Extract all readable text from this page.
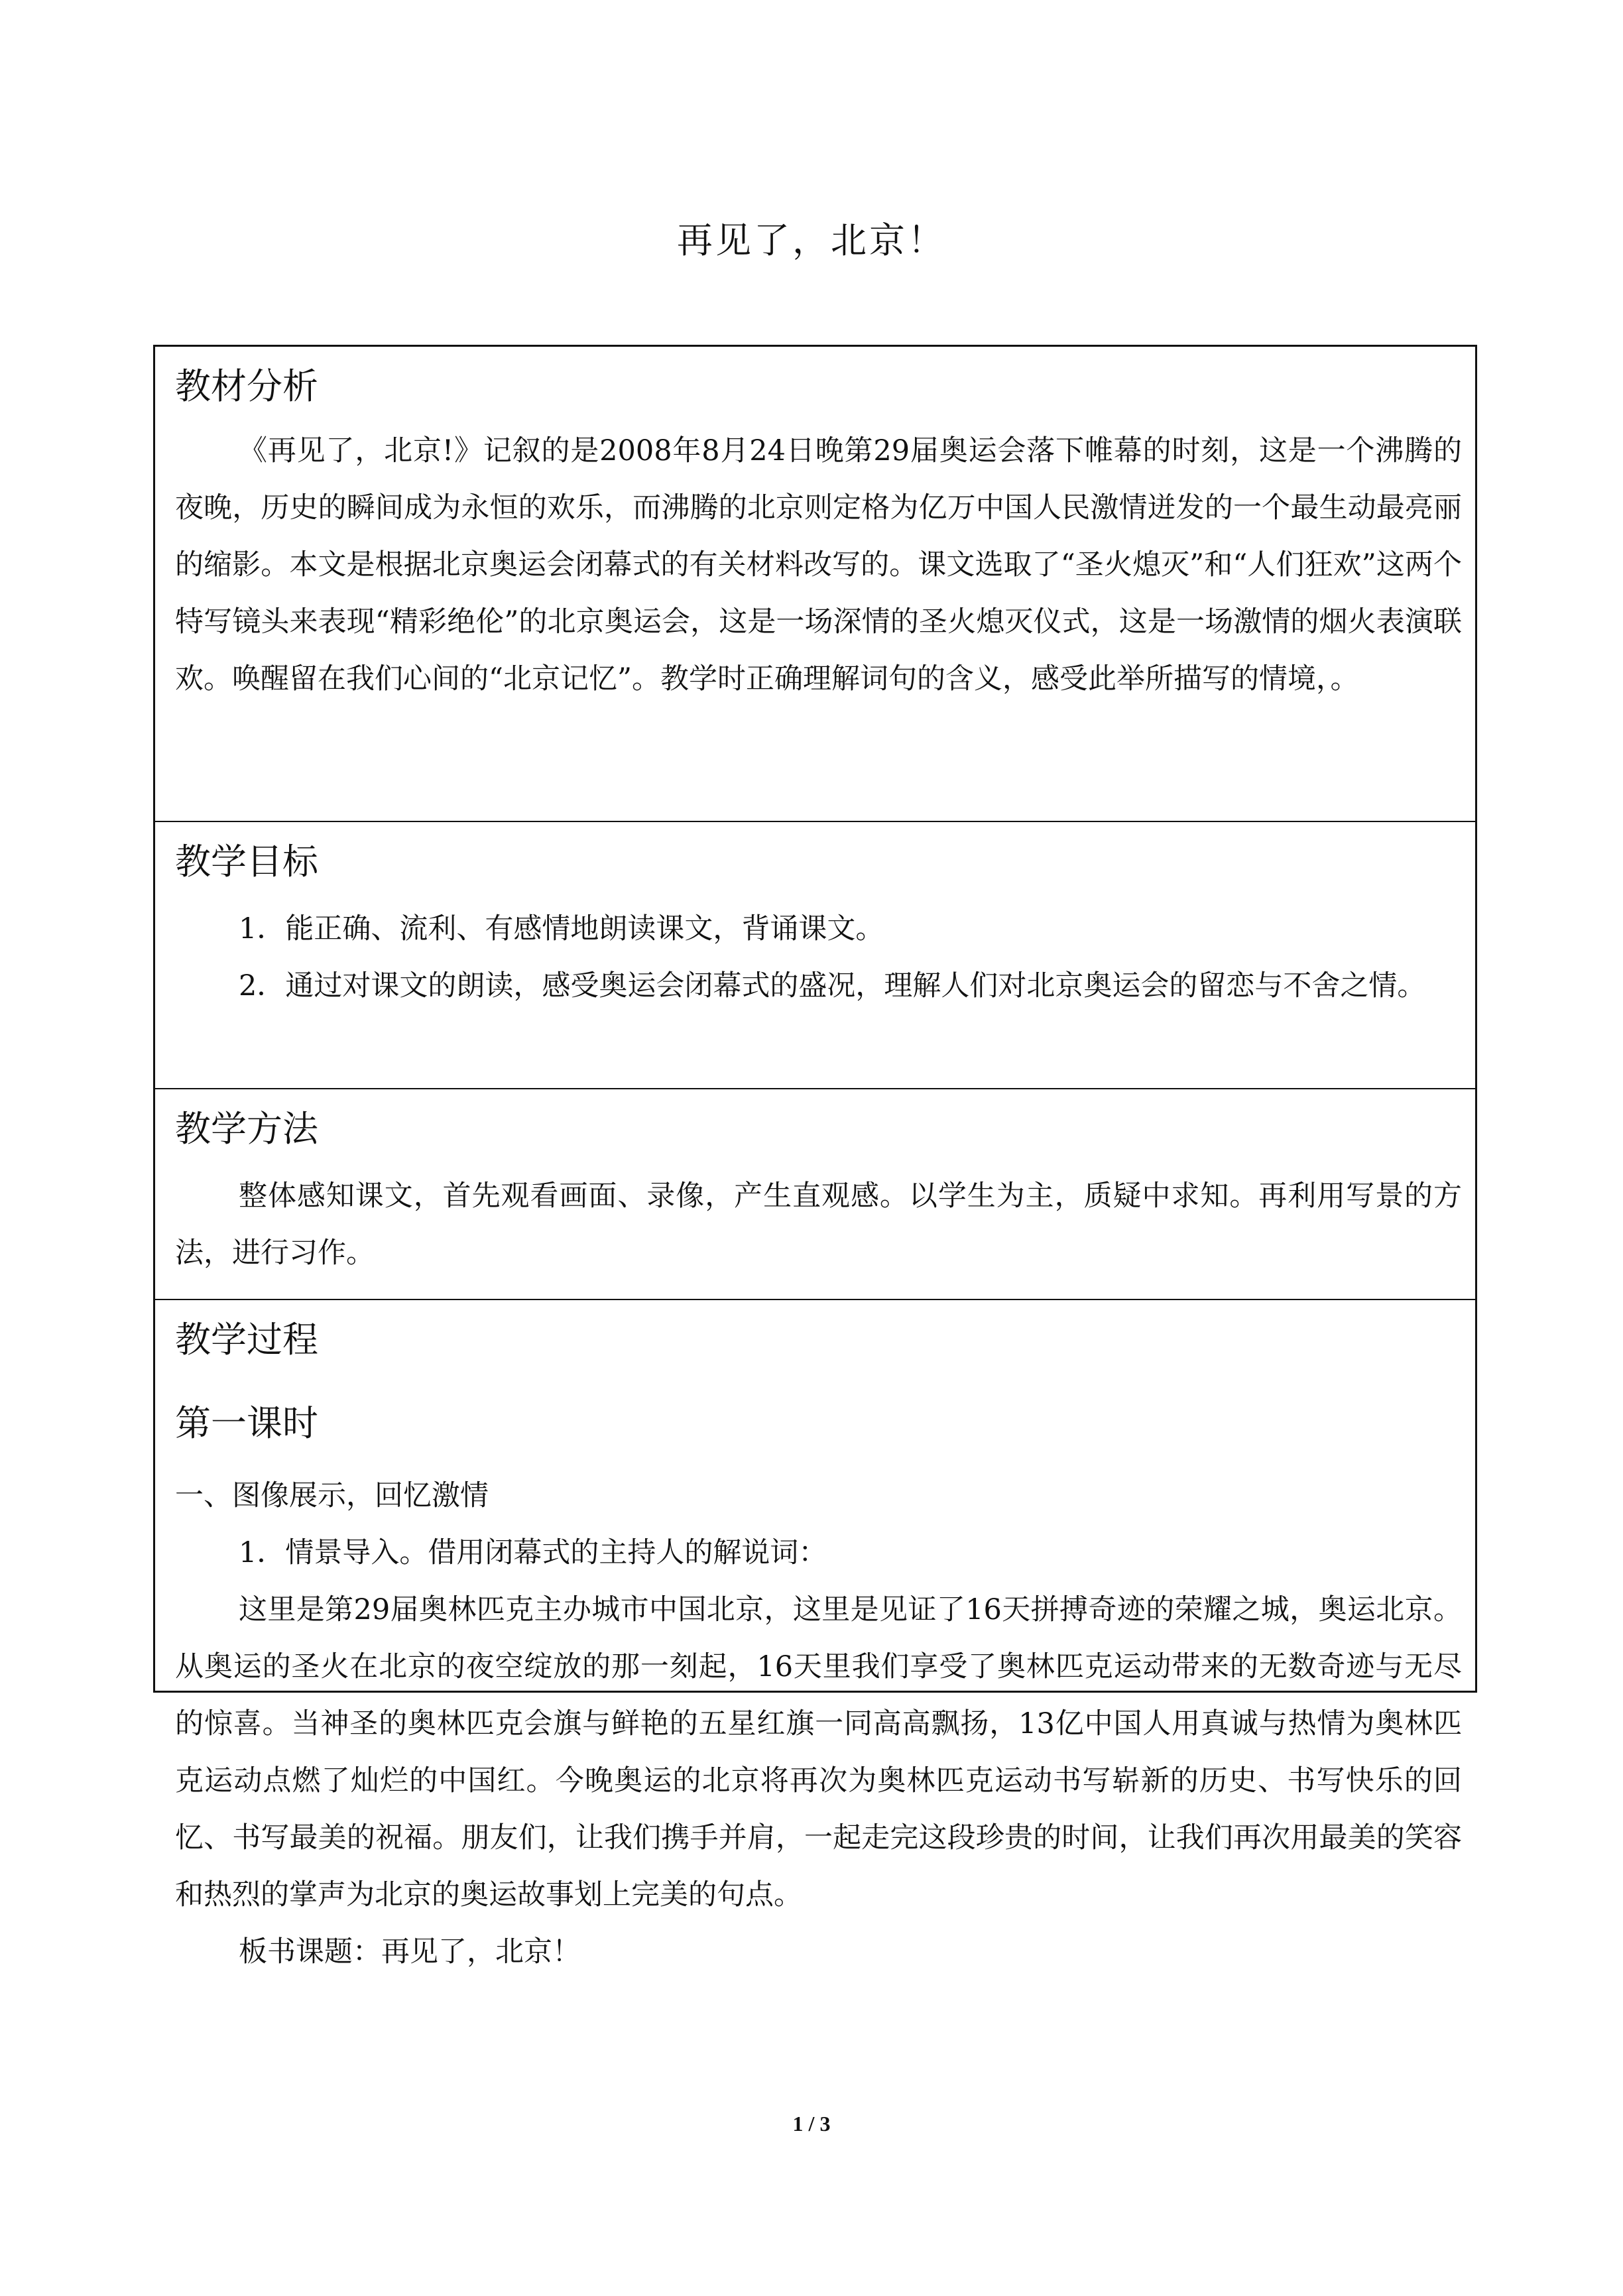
再见了，北京！
教材分析

《再见了，北京!》记叙的是2008年8月24日晚第29届奥运会落下帷幕的时刻，这是一个沸腾的夜晚，历史的瞬间成为永恒的欢乐，而沸腾的北京则定格为亿万中国人民激情迸发的一个最生动最亮丽的缩影。本文是根据北京奥运会闭幕式的有关材料改写的。课文选取了“圣火熄灭”和“人们狂欢”这两个特写镜头来表现“精彩绝伦”的北京奥运会，这是一场深情的圣火熄灭仪式，这是一场激情的烟火表演联欢。唤醒留在我们心间的“北京记忆”。教学时正确理解词句的含义，感受此举所描写的情境，。

教学目标

1．能正确、流利、有感情地朗读课文，背诵课文。

2．通过对课文的朗读，感受奥运会闭幕式的盛况，理解人们对北京奥运会的留恋与不舍之情。

教学方法

整体感知课文，首先观看画面、录像，产生直观感。以学生为主，质疑中求知。再利用写景的方法，进行习作。

教学过程
第一课时
一、图像展示，回忆激情

1．情景导入。借用闭幕式的主持人的解说词：

这里是第29届奥林匹克主办城市中国北京，这里是见证了16天拼搏奇迹的荣耀之城，奥运北京。从奥运的圣火在北京的夜空绽放的那一刻起，16天里我们享受了奥林匹克运动带来的无数奇迹与无尽的惊喜。当神圣的奥林匹克会旗与鲜艳的五星红旗一同高高飘扬，13亿中国人用真诚与热情为奥林匹克运动点燃了灿烂的中国红。今晚奥运的北京将再次为奥林匹克运动书写崭新的历史、书写快乐的回忆、书写最美的祝福。朋友们，让我们携手并肩，一起走完这段珍贵的时间，让我们再次用最美的笑容和热烈的掌声为北京的奥运故事划上完美的句点。

板书课题：再见了，北京！

1 / 3
